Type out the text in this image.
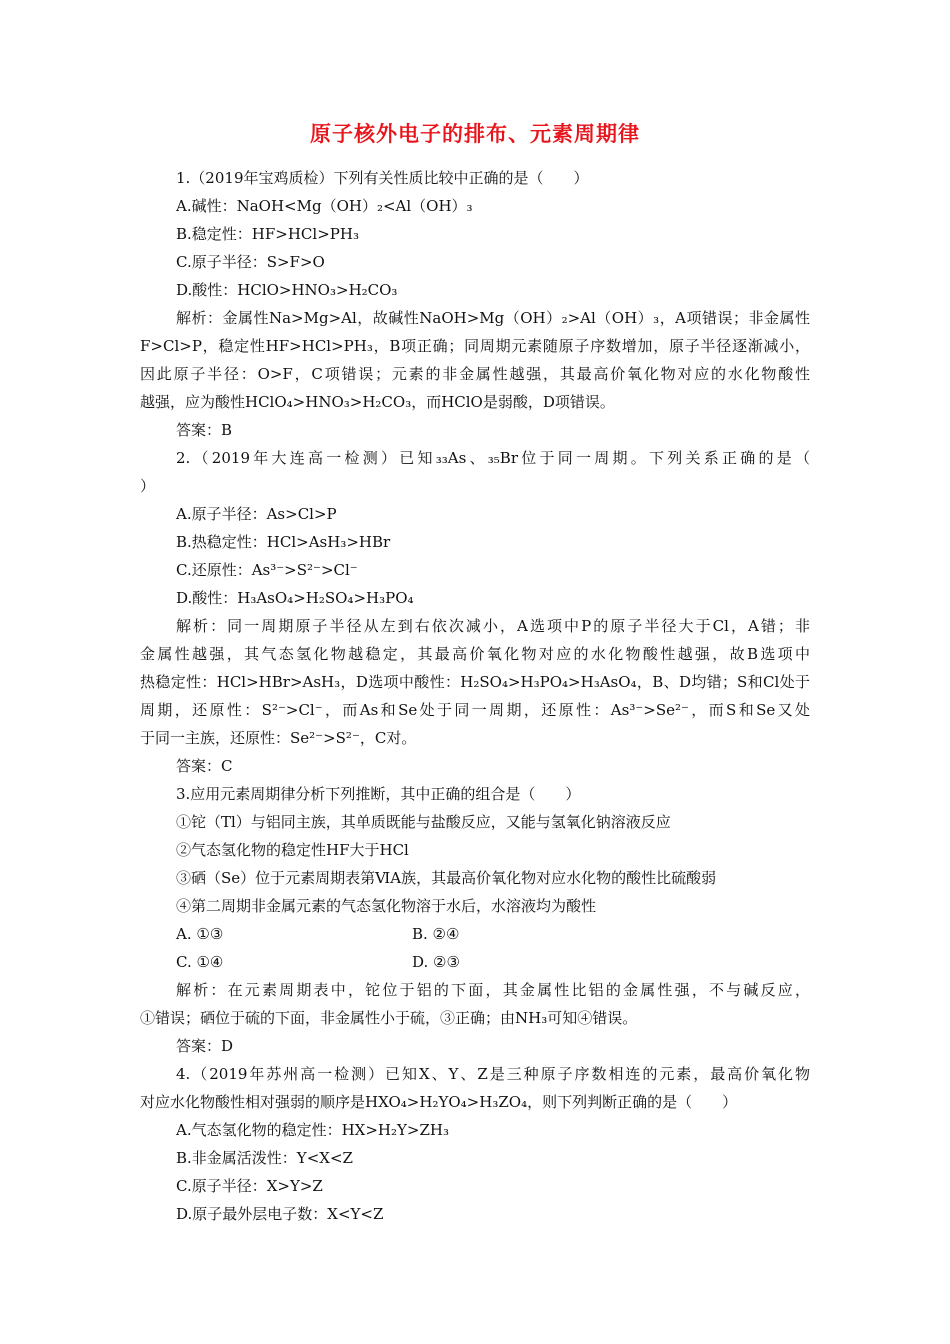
原子核外电子的排布、元素周期律
1.（2019年宝鸡质检）下列有关性质比较中正确的是（　　）
A.碱性：NaOH<Mg（OH）₂<Al（OH）₃
B.稳定性：HF>HCl>PH₃
C.原子半径：S>F>O
D.酸性：HClO>HNO₃>H₂CO₃
解析：金属性Na>Mg>Al，故碱性NaOH>Mg（OH）₂>Al（OH）₃，A项错误；非金属性
F>Cl>P，稳定性HF>HCl>PH₃，B项正确；同周期元素随原子序数增加，原子半径逐渐减小，
因此原子半径：O>F，C项错误；元素的非金属性越强，其最高价氧化物对应的水化物酸性
越强，应为酸性HClO₄>HNO₃>H₂CO₃，而HClO是弱酸，D项错误。
答案：B
2.（2019年大连高一检测）已知₃₃As、₃₅Br位于同一周期。下列关系正确的是（
）
A.原子半径：As>Cl>P
B.热稳定性：HCl>AsH₃>HBr
C.还原性：As³⁻>S²⁻>Cl⁻
D.酸性：H₃AsO₄>H₂SO₄>H₃PO₄
解析：同一周期原子半径从左到右依次减小，A选项中P的原子半径大于Cl，A错；非
金属性越强，其气态氢化物越稳定，其最高价氧化物对应的水化物酸性越强，故B选项中
热稳定性：HCl>HBr>AsH₃，D选项中酸性：H₂SO₄>H₃PO₄>H₃AsO₄，B、D均错；S和Cl处于
周期，还原性：S²⁻>Cl⁻，而As和Se处于同一周期，还原性：As³⁻>Se²⁻，而S和Se又处
于同一主族，还原性：Se²⁻>S²⁻，C对。
答案：C
3.应用元素周期律分析下列推断，其中正确的组合是（　　）
①铊（Tl）与铝同主族，其单质既能与盐酸反应，又能与氢氧化钠溶液反应
②气态氢化物的稳定性HF大于HCl
③硒（Se）位于元素周期表第ⅥA族，其最高价氧化物对应水化物的酸性比硫酸弱
④第二周期非金属元素的气态氢化物溶于水后，水溶液均为酸性
A. ①③	B. ②④
C. ①④	D. ②③
解析：在元素周期表中，铊位于铝的下面，其金属性比铝的金属性强，不与碱反应，
①错误；硒位于硫的下面，非金属性小于硫，③正确；由NH₃可知④错误。
答案：D
4.（2019年苏州高一检测）已知X、Y、Z是三种原子序数相连的元素，最高价氧化物
对应水化物酸性相对强弱的顺序是HXO₄>H₂YO₄>H₃ZO₄，则下列判断正确的是（　　）
A.气态氢化物的稳定性：HX>H₂Y>ZH₃
B.非金属活泼性：Y<X<Z
C.原子半径：X>Y>Z
D.原子最外层电子数：X<Y<Z
